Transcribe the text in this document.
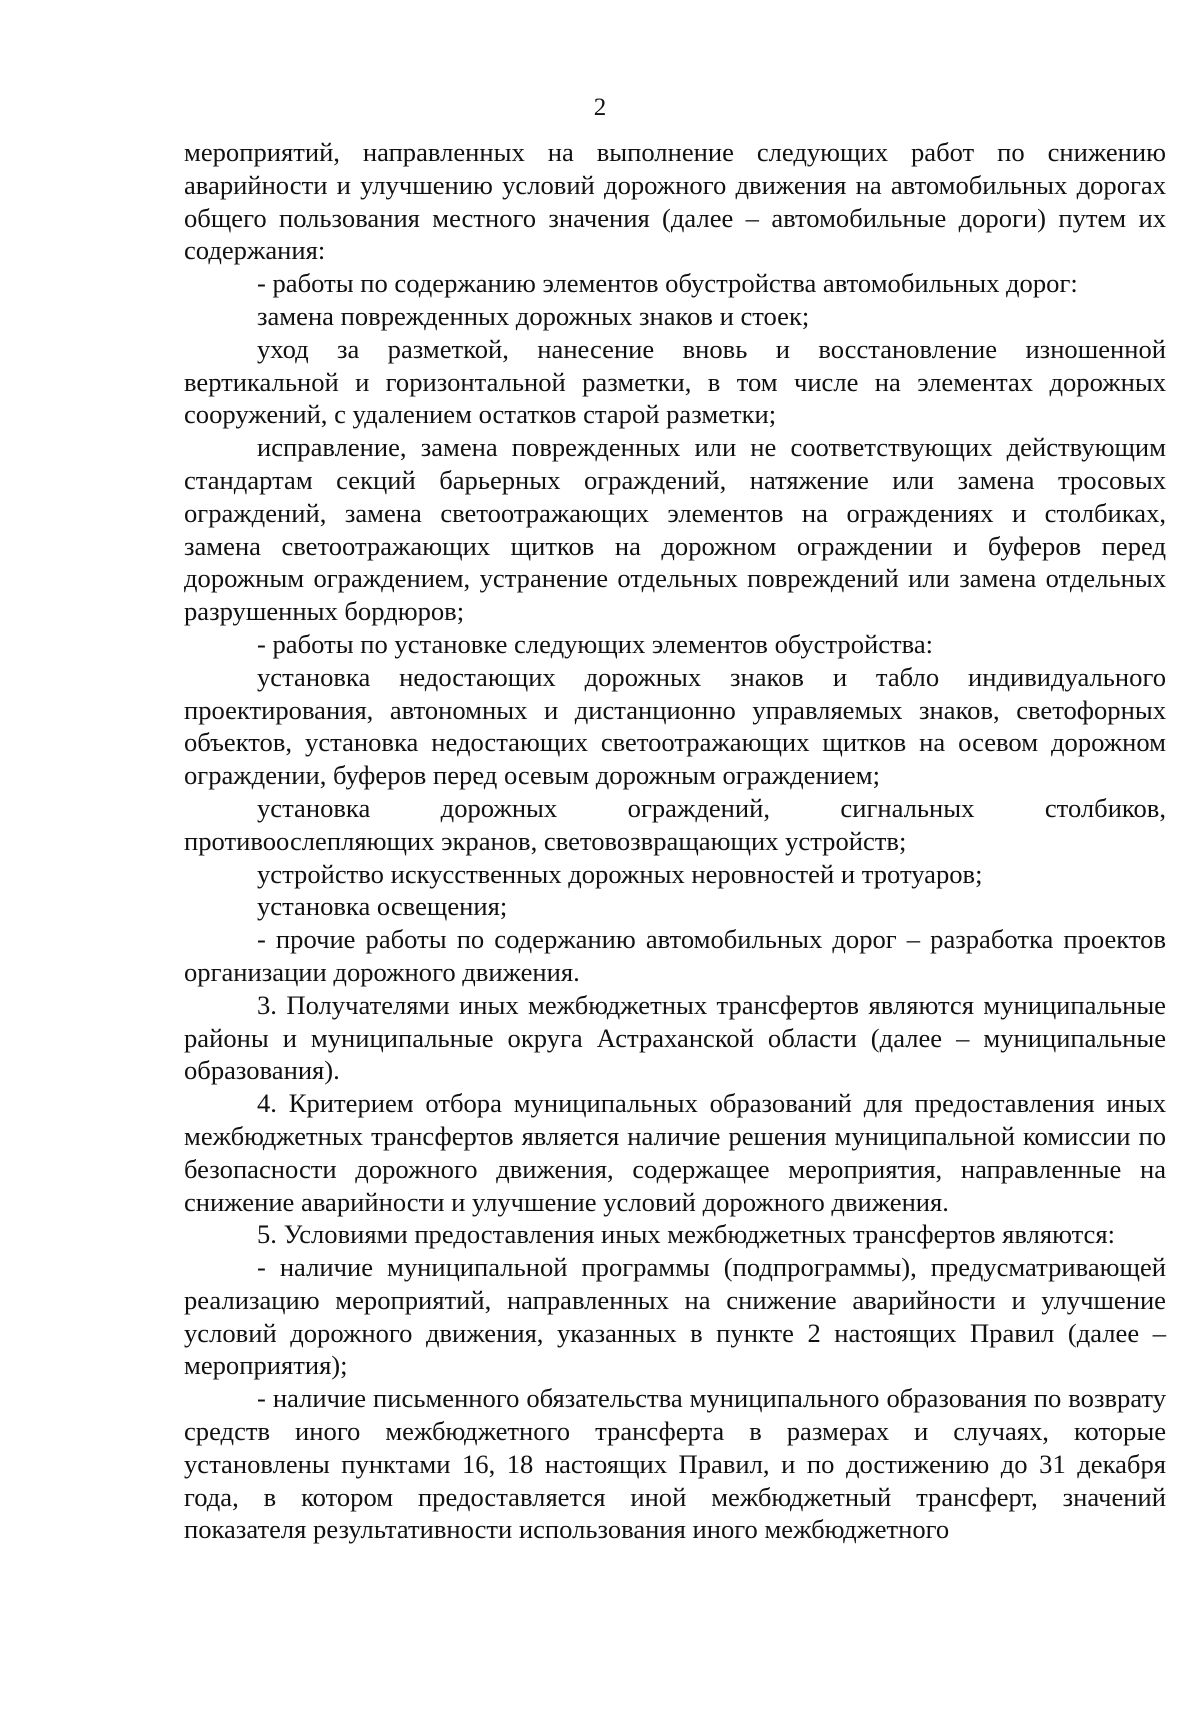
2

мероприятий, направленных на выполнение следующих работ по снижению аварийности и улучшению условий дорожного движения на автомобильных дорогах общего пользования местного значения (далее – автомобильные дороги) путем их содержания:

- работы по содержанию элементов обустройства автомобильных дорог:

замена поврежденных дорожных знаков и стоек;

уход за разметкой, нанесение вновь и восстановление изношенной вертикальной и горизонтальной разметки, в том числе на элементах дорожных сооружений, с удалением остатков старой разметки;

исправление, замена поврежденных или не соответствующих действующим стандартам секций барьерных ограждений, натяжение или замена тросовых ограждений, замена светоотражающих элементов на ограждениях и столбиках, замена светоотражающих щитков на дорожном ограждении и буферов перед дорожным ограждением, устранение отдельных повреждений или замена отдельных разрушенных бордюров;

- работы по установке следующих элементов обустройства:

установка недостающих дорожных знаков и табло индивидуального проектирования, автономных и дистанционно управляемых знаков, светофорных объектов, установка недостающих светоотражающих щитков на осевом дорожном ограждении, буферов перед осевым дорожным ограждением;

установка дорожных ограждений, сигнальных столбиков, противоослепляющих экранов, световозвращающих устройств;

устройство искусственных дорожных неровностей и тротуаров;

установка освещения;

- прочие работы по содержанию автомобильных дорог – разработка проектов организации дорожного движения.

3. Получателями иных межбюджетных трансфертов являются муниципальные районы и муниципальные округа Астраханской области (далее – муниципальные образования).

4. Критерием отбора муниципальных образований для предоставления иных межбюджетных трансфертов является наличие решения муниципальной комиссии по безопасности дорожного движения, содержащее мероприятия, направленные на снижение аварийности и улучшение условий дорожного движения.

5. Условиями предоставления иных межбюджетных трансфертов являются:

- наличие муниципальной программы (подпрограммы), предусматривающей реализацию мероприятий, направленных на снижение аварийности и улучшение условий дорожного движения, указанных в пункте 2 настоящих Правил (далее – мероприятия);

- наличие письменного обязательства муниципального образования по возврату средств иного межбюджетного трансферта в размерах и случаях, которые установлены пунктами 16, 18 настоящих Правил, и по достижению до 31 декабря года, в котором предоставляется иной межбюджетный трансферт, значений показателя результативности использования иного межбюджетного
